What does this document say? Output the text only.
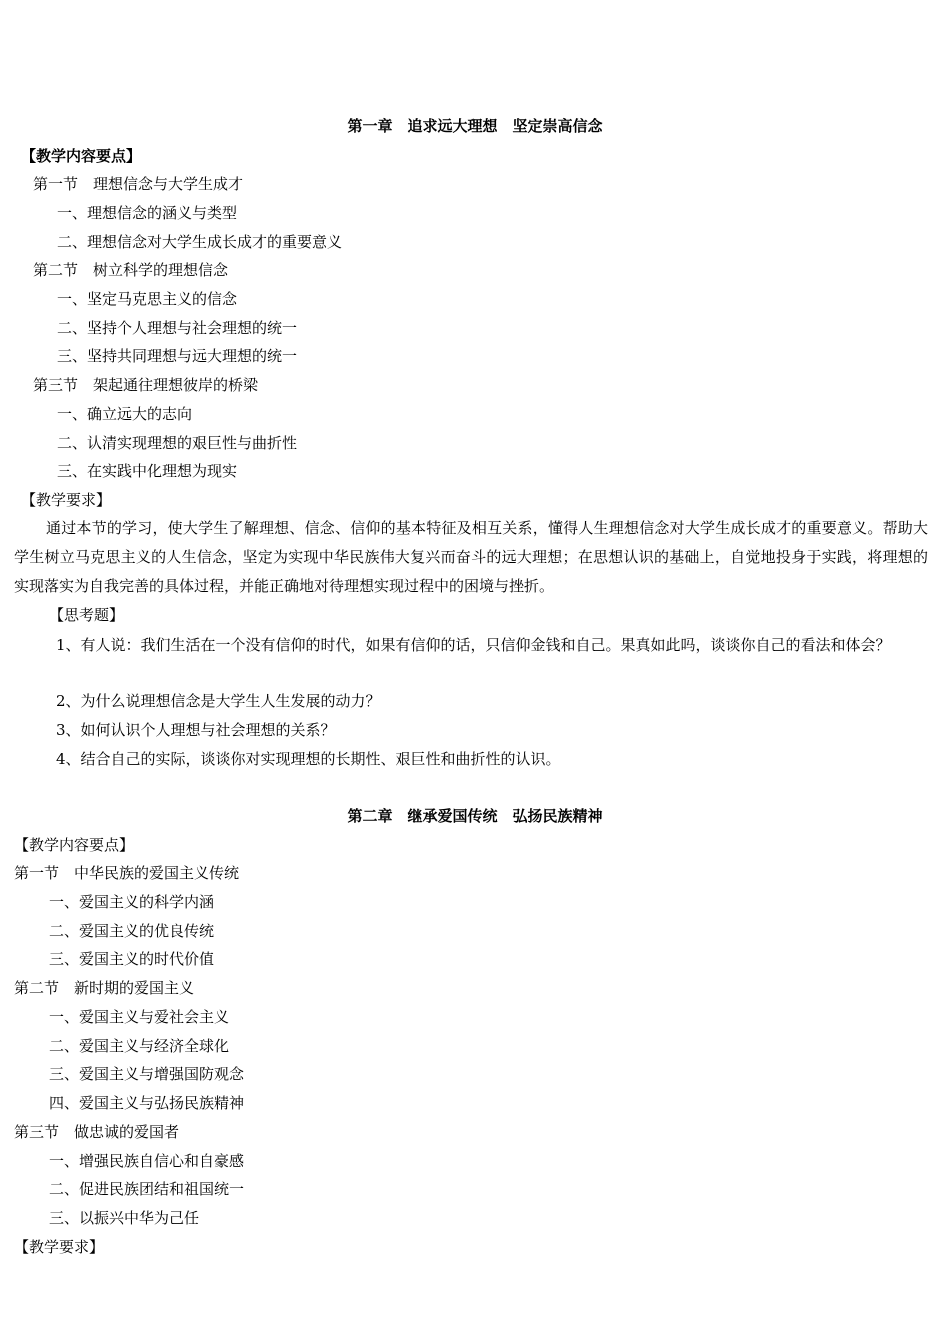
第一章　追求远大理想　坚定崇高信念
【教学内容要点】
第一节　理想信念与大学生成才
一、理想信念的涵义与类型
二、理想信念对大学生成长成才的重要意义
第二节　树立科学的理想信念
一、坚定马克思主义的信念
二、坚持个人理想与社会理想的统一
三、坚持共同理想与远大理想的统一
第三节　架起通往理想彼岸的桥梁
一、确立远大的志向
二、认清实现理想的艰巨性与曲折性
三、在实践中化理想为现实
【教学要求】
通过本节的学习，使大学生了解理想、信念、信仰的基本特征及相互关系，懂得人生理想信念对大学生成长成才的重要意义。帮助大学生树立马克思主义的人生信念，坚定为实现中华民族伟大复兴而奋斗的远大理想；在思想认识的基础上，自觉地投身于实践，将理想的实现落实为自我完善的具体过程，并能正确地对待理想实现过程中的困境与挫折。
【思考题】
1、有人说：我们生活在一个没有信仰的时代，如果有信仰的话，只信仰金钱和自己。果真如此吗，谈谈你自己的看法和体会？
2、为什么说理想信念是大学生人生发展的动力？
3、如何认识个人理想与社会理想的关系？
4、结合自己的实际，谈谈你对实现理想的长期性、艰巨性和曲折性的认识。
第二章　继承爱国传统　弘扬民族精神
【教学内容要点】
第一节　中华民族的爱国主义传统
一、爱国主义的科学内涵
二、爱国主义的优良传统
三、爱国主义的时代价值
第二节　新时期的爱国主义
一、爱国主义与爱社会主义
二、爱国主义与经济全球化
三、爱国主义与增强国防观念
四、爱国主义与弘扬民族精神
第三节　做忠诚的爱国者
一、增强民族自信心和自豪感
二、促进民族团结和祖国统一
三、以振兴中华为己任
【教学要求】
